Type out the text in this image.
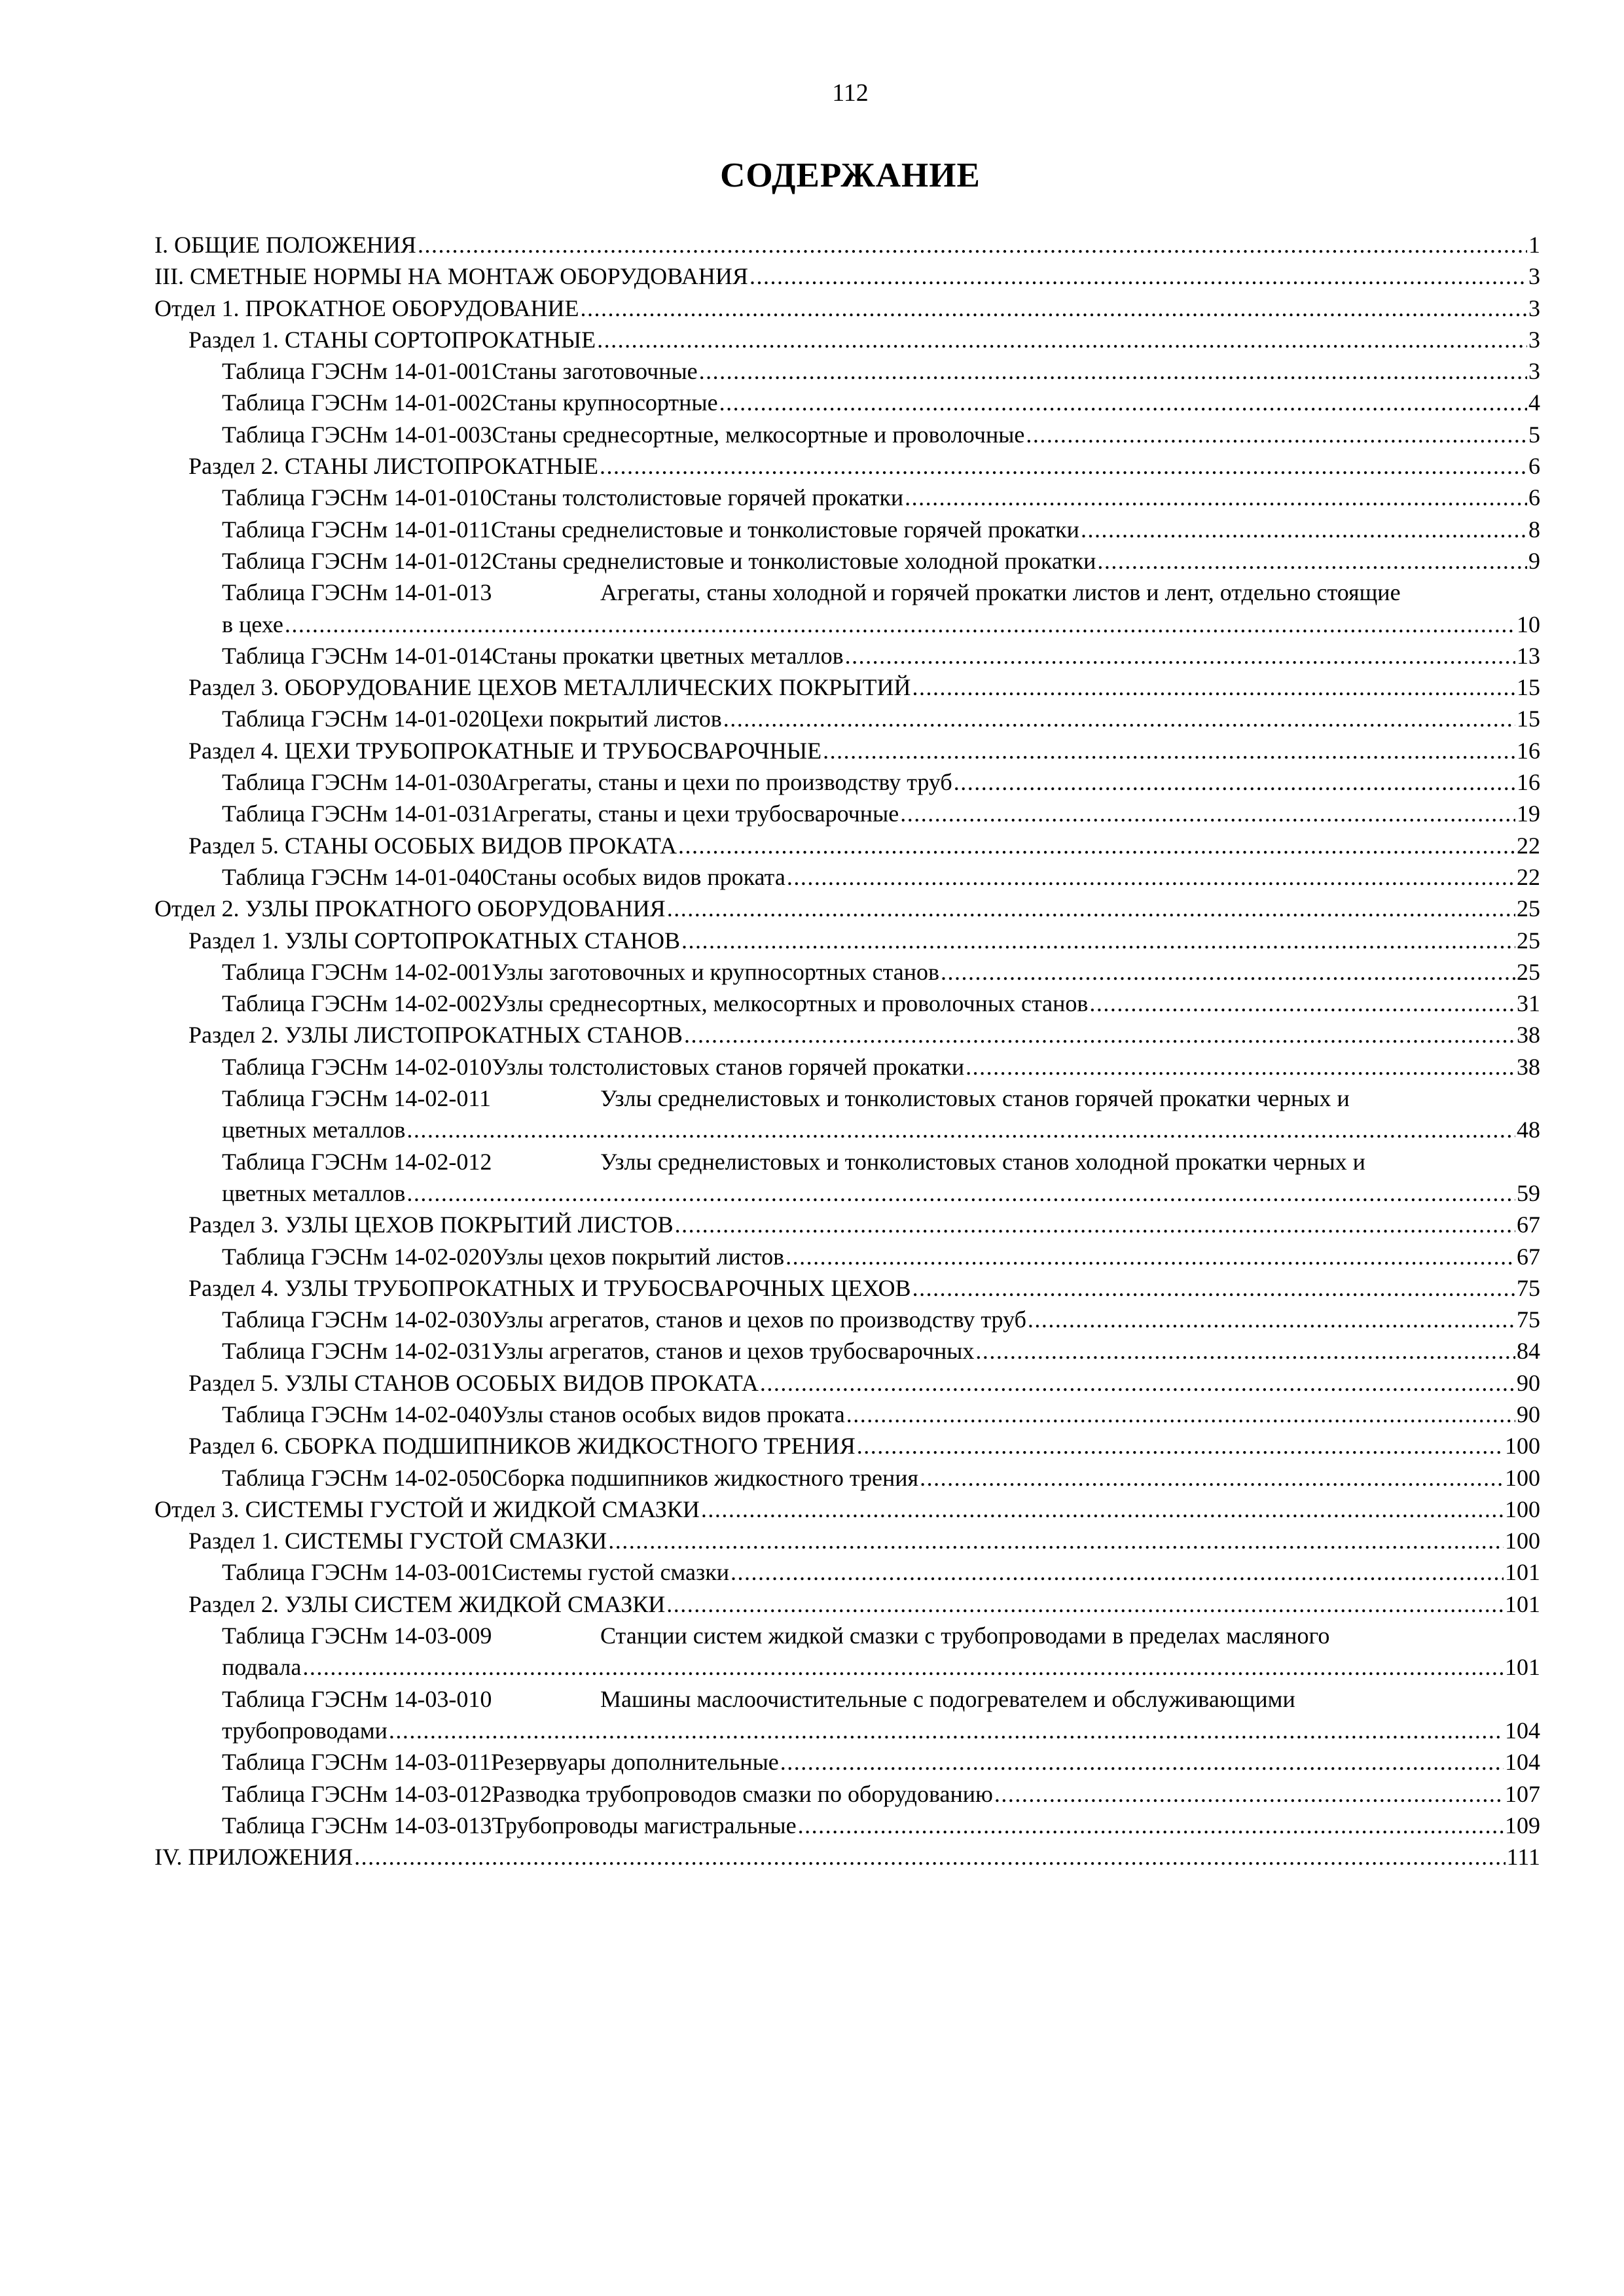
112
СОДЕРЖАНИЕ
I. ОБЩИЕ ПОЛОЖЕНИЯ .....	1
III. СМЕТНЫЕ НОРМЫ НА МОНТАЖ ОБОРУДОВАНИЯ .....	3
Отдел 1. ПРОКАТНОЕ ОБОРУДОВАНИЕ .....	3
Раздел 1. СТАНЫ СОРТОПРОКАТНЫЕ .....	3
Таблица ГЭСНм 14-01-001 Станы заготовочные .....	3
Таблица ГЭСНм 14-01-002 Станы крупносортные .....	4
Таблица ГЭСНм 14-01-003 Станы среднесортные, мелкосортные и проволочные .....	5
Раздел 2. СТАНЫ ЛИСТОПРОКАТНЫЕ .....	6
Таблица ГЭСНм 14-01-010 Станы толстолистовые горячей прокатки .....	6
Таблица ГЭСНм 14-01-011 Станы среднелистовые и тонколистовые горячей прокатки .....	8
Таблица ГЭСНм 14-01-012 Станы среднелистовые и тонколистовые холодной прокатки .....	9
Таблица ГЭСНм 14-01-013	Агрегаты, станы холодной и горячей прокатки листов и лент, отдельно стоящие
в цехе .....	10
Таблица ГЭСНм 14-01-014 Станы прокатки цветных металлов .....	13
Раздел 3. ОБОРУДОВАНИЕ ЦЕХОВ МЕТАЛЛИЧЕСКИХ ПОКРЫТИЙ .....	15
Таблица ГЭСНм 14-01-020 Цехи покрытий листов .....	15
Раздел 4. ЦЕХИ ТРУБОПРОКАТНЫЕ И ТРУБОСВАРОЧНЫЕ .....	16
Таблица ГЭСНм 14-01-030 Агрегаты, станы и цехи по производству труб .....	16
Таблица ГЭСНм 14-01-031 Агрегаты, станы и цехи трубосварочные .....	19
Раздел 5. СТАНЫ ОСОБЫХ ВИДОВ ПРОКАТА .....	22
Таблица ГЭСНм 14-01-040 Станы особых видов проката .....	22
Отдел 2. УЗЛЫ ПРОКАТНОГО ОБОРУДОВАНИЯ .....	25
Раздел 1. УЗЛЫ СОРТОПРОКАТНЫХ СТАНОВ .....	25
Таблица ГЭСНм 14-02-001 Узлы заготовочных и крупносортных станов .....	25
Таблица ГЭСНм 14-02-002 Узлы среднесортных, мелкосортных и проволочных станов .....	31
Раздел 2. УЗЛЫ ЛИСТОПРОКАТНЫХ СТАНОВ .....	38
Таблица ГЭСНм 14-02-010 Узлы толстолистовых станов горячей прокатки .....	38
Таблица ГЭСНм 14-02-011	Узлы среднелистовых и тонколистовых станов горячей прокатки черных и
цветных металлов .....	48
Таблица ГЭСНм 14-02-012	Узлы среднелистовых и тонколистовых станов холодной прокатки черных и
цветных металлов .....	59
Раздел 3. УЗЛЫ ЦЕХОВ ПОКРЫТИЙ ЛИСТОВ .....	67
Таблица ГЭСНм 14-02-020 Узлы цехов покрытий листов .....	67
Раздел 4. УЗЛЫ ТРУБОПРОКАТНЫХ И ТРУБОСВАРОЧНЫХ ЦЕХОВ .....	75
Таблица ГЭСНм 14-02-030 Узлы агрегатов, станов и цехов по производству труб .....	75
Таблица ГЭСНм 14-02-031 Узлы агрегатов, станов и цехов трубосварочных .....	84
Раздел 5. УЗЛЫ СТАНОВ ОСОБЫХ ВИДОВ ПРОКАТА .....	90
Таблица ГЭСНм 14-02-040 Узлы станов особых видов проката .....	90
Раздел 6. СБОРКА ПОДШИПНИКОВ ЖИДКОСТНОГО ТРЕНИЯ .....	100
Таблица ГЭСНм 14-02-050 Сборка подшипников жидкостного трения .....	100
Отдел 3. СИСТЕМЫ ГУСТОЙ И ЖИДКОЙ СМАЗКИ .....	100
Раздел 1. СИСТЕМЫ ГУСТОЙ СМАЗКИ .....	100
Таблица ГЭСНм 14-03-001 Системы густой смазки .....	101
Раздел 2. УЗЛЫ СИСТЕМ ЖИДКОЙ СМАЗКИ .....	101
Таблица ГЭСНм 14-03-009	Станции систем жидкой смазки с трубопроводами в пределах масляного
подвала .....	101
Таблица ГЭСНм 14-03-010	Машины маслоочистительные с подогревателем и обслуживающими
трубопроводами .....	104
Таблица ГЭСНм 14-03-011 Резервуары дополнительные .....	104
Таблица ГЭСНм 14-03-012 Разводка трубопроводов смазки по оборудованию .....	107
Таблица ГЭСНм 14-03-013 Трубопроводы магистральные .....	109
IV. ПРИЛОЖЕНИЯ .....	111
